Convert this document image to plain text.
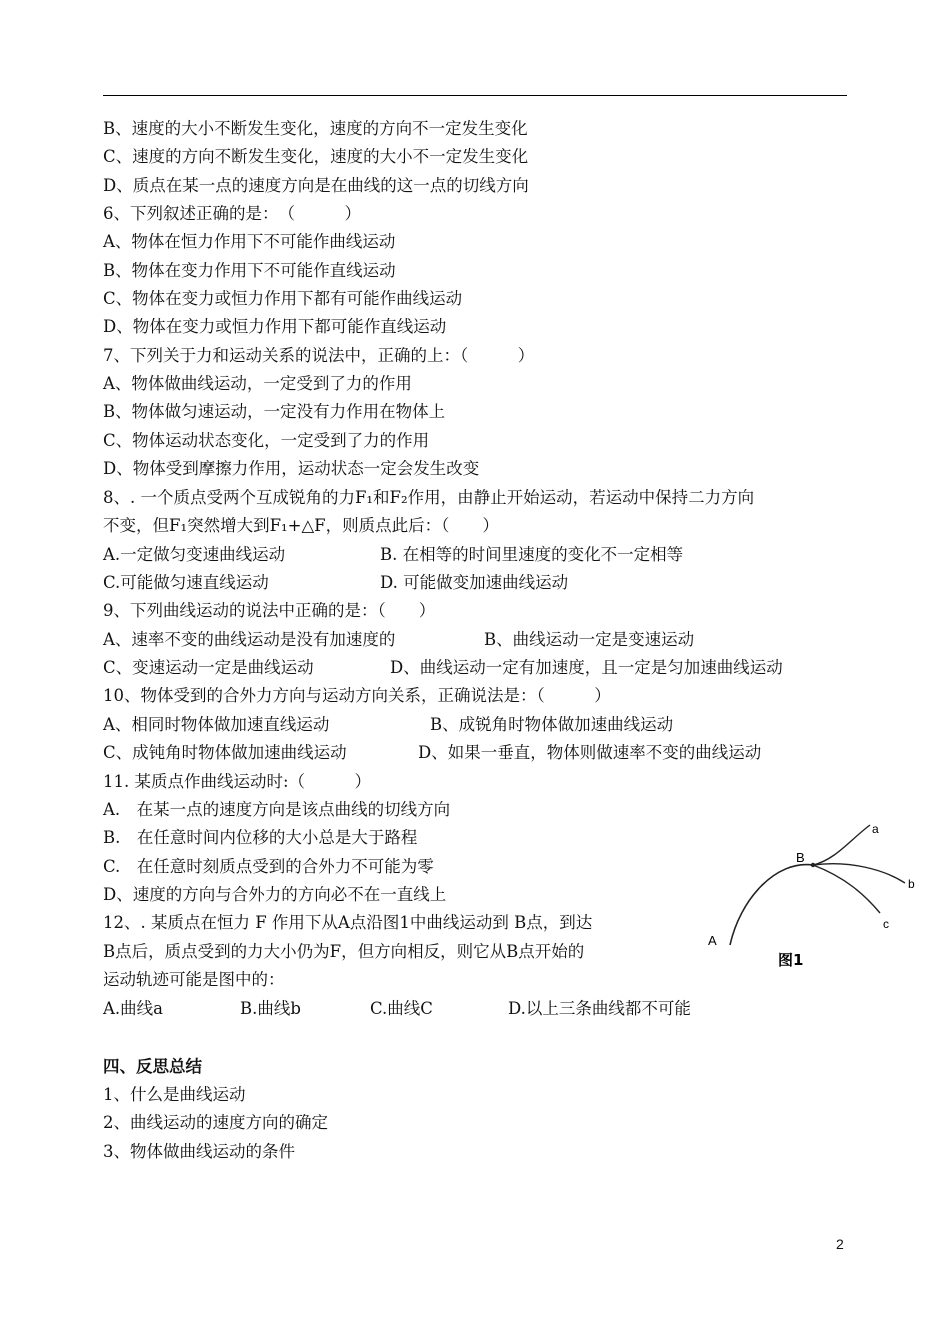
B、速度的大小不断发生变化，速度的方向不一定发生变化
C、速度的方向不断发生变化，速度的大小不一定发生变化
D、质点在某一点的速度方向是在曲线的这一点的切线方向
6、下列叙述正确的是：　（　　　）
A、物体在恒力作用下不可能作曲线运动
B、物体在变力作用下不可能作直线运动
C、物体在变力或恒力作用下都有可能作曲线运动
D、物体在变力或恒力作用下都可能作直线运动
7、下列关于力和运动关系的说法中，正确的上：（　　　）
A、物体做曲线运动，一定受到了力的作用
B、物体做匀速运动，一定没有力作用在物体上
C、物体运动状态变化，一定受到了力的作用
D、物体受到摩擦力作用，运动状态一定会发生改变
8、. 一个质点受两个互成锐角的力F₁和F₂作用，由静止开始运动，若运动中保持二力方向
不变，但F₁突然增大到F₁+△F，则质点此后：（　　）
A.一定做匀变速曲线运动	B. 在相等的时间里速度的变化不一定相等
C.可能做匀速直线运动	D. 可能做变加速曲线运动
9、下列曲线运动的说法中正确的是：（　　）
A、速率不变的曲线运动是没有加速度的	B、曲线运动一定是变速运动
C、变速运动一定是曲线运动	D、曲线运动一定有加速度，且一定是匀加速曲线运动
10、物体受到的合外力方向与运动方向关系，正确说法是：（　　　）
A、相同时物体做加速直线运动	B、成锐角时物体做加速曲线运动
C、成钝角时物体做加速曲线运动	D、如果一垂直，物体则做速率不变的曲线运动
11. 某质点作曲线运动时:（　　　）
A.　在某一点的速度方向是该点曲线的切线方向
B.　在任意时间内位移的大小总是大于路程
C.　在任意时刻质点受到的合外力不可能为零
D、速度的方向与合外力的方向必不在一直线上
12、. 某质点在恒力 F 作用下从A点沿图1中曲线运动到 B点，到达
B点后，质点受到的力大小仍为F，但方向相反，则它从B点开始的
运动轨迹可能是图中的：
A.曲线a	B.曲线b	C.曲线C	D.以上三条曲线都不可能
a
b
c
B
A
图1
四、反思总结
1、什么是曲线运动
2、曲线运动的速度方向的确定
3、物体做曲线运动的条件
2
